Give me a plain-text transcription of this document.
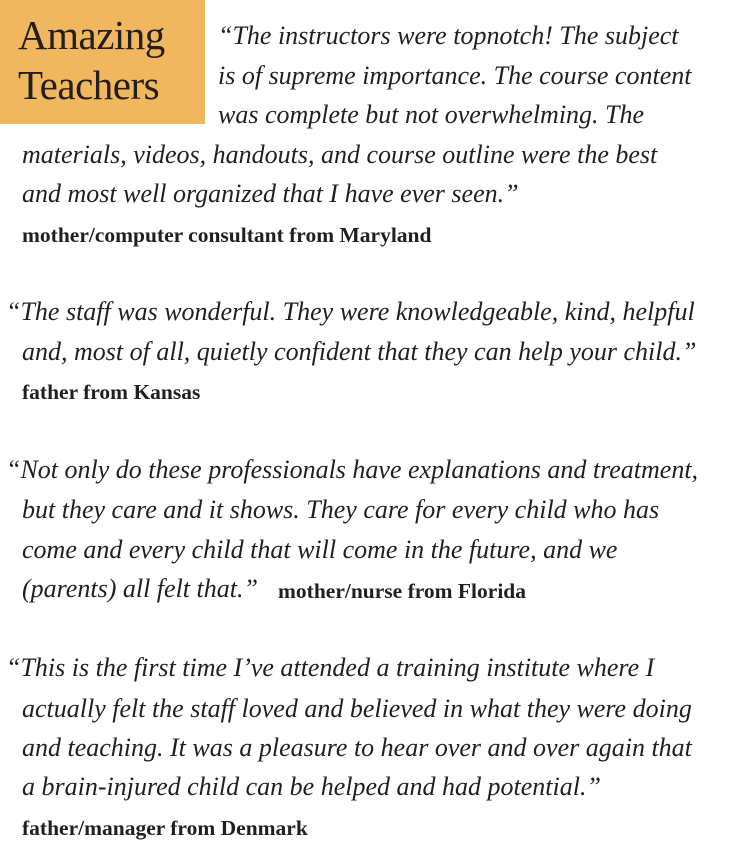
Amazing
Teachers
“The instructors were topnotch! The subject
is of supreme importance. The course content
was complete but not overwhelming. The
materials, videos, handouts, and course outline were the best
and most well organized that I have ever seen.”
mother/computer consultant from Maryland
“The staff was wonderful. They were knowledgeable, kind, helpful
and, most of all, quietly confident that they can help your child.”
father from Kansas
“Not only do these professionals have explanations and treatment,
but they care and it shows. They care for every child who has
come and every child that will come in the future, and we
(parents) all felt that.” mother/nurse from Florida
“This is the first time I’ve attended a training institute where I
actually felt the staff loved and believed in what they were doing
and teaching. It was a pleasure to hear over and over again that
a brain-injured child can be helped and had potential.”
father/manager from Denmark
